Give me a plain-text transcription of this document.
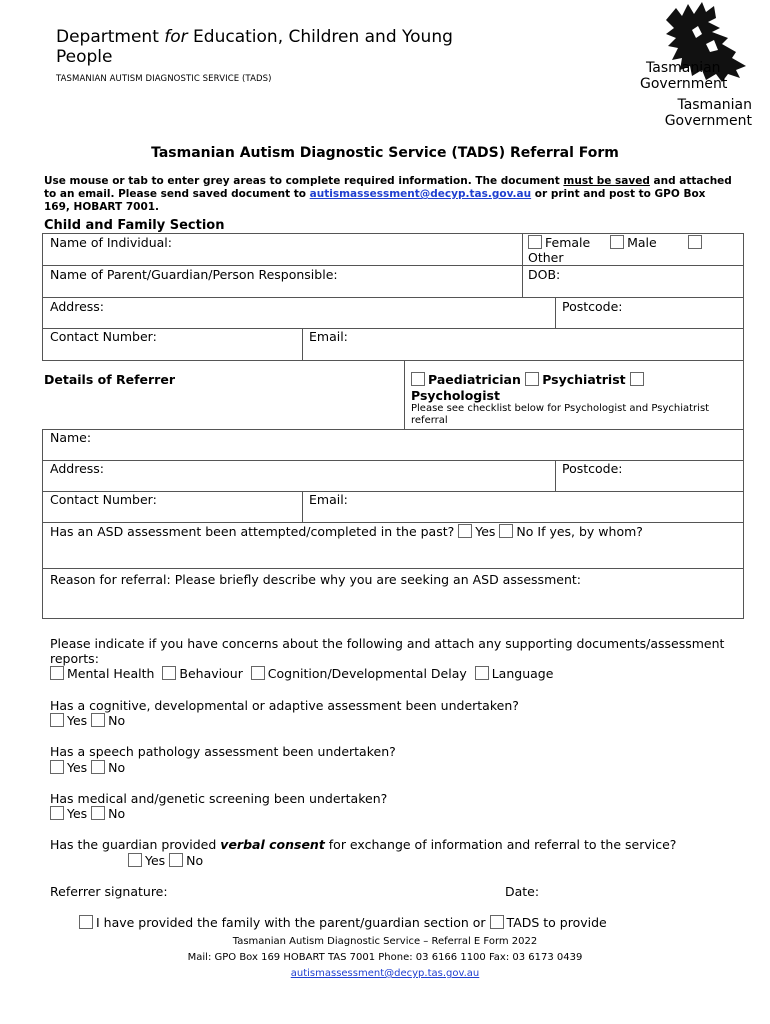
Department for Education, Children and Young People
TASMANIAN AUTISM DIAGNOSTIC SERVICE (TADS)
Tasmanian
Government
Tasmanian
Government
Tasmanian Autism Diagnostic Service (TADS) Referral Form
Use mouse or tab to enter grey areas to complete required information. The document must be saved and attached to an email. Please send saved document to autismassessment@decyp.tas.gov.au or print and post to GPO Box 169, HOBART 7001.
Child and Family Section
Name of Individual:	Female	Male
Other
Name of Parent/Guardian/Person Responsible:	DOB:
Address:	Postcode:
Contact Number:	Email:
Details of Referrer	Paediatrician Psychiatrist
Psychologist
Please see checklist below for Psychologist and Psychiatrist referral
Name:
Address:	Postcode:
Contact Number:	Email:
Has an ASD assessment been attempted/completed in the past? Yes No If yes, by whom?
Reason for referral: Please briefly describe why you are seeking an ASD assessment:
Please indicate if you have concerns about the following and attach any supporting documents/assessment reports:
Mental Health Behaviour Cognition/Developmental Delay Language
Has a cognitive, developmental or adaptive assessment been undertaken?
Yes No
Has a speech pathology assessment been undertaken?
Yes No
Has medical and/genetic screening been undertaken?
Yes No
Has the guardian provided verbal consent for exchange of information and referral to the service?
Yes No
Referrer signature:	Date:
I have provided the family with the parent/guardian section or TADS to provide
Tasmanian Autism Diagnostic Service – Referral E Form 2022
Mail: GPO Box 169 HOBART TAS 7001 Phone: 03 6166 1100 Fax: 03 6173 0439
autismassessment@decyp.tas.gov.au
